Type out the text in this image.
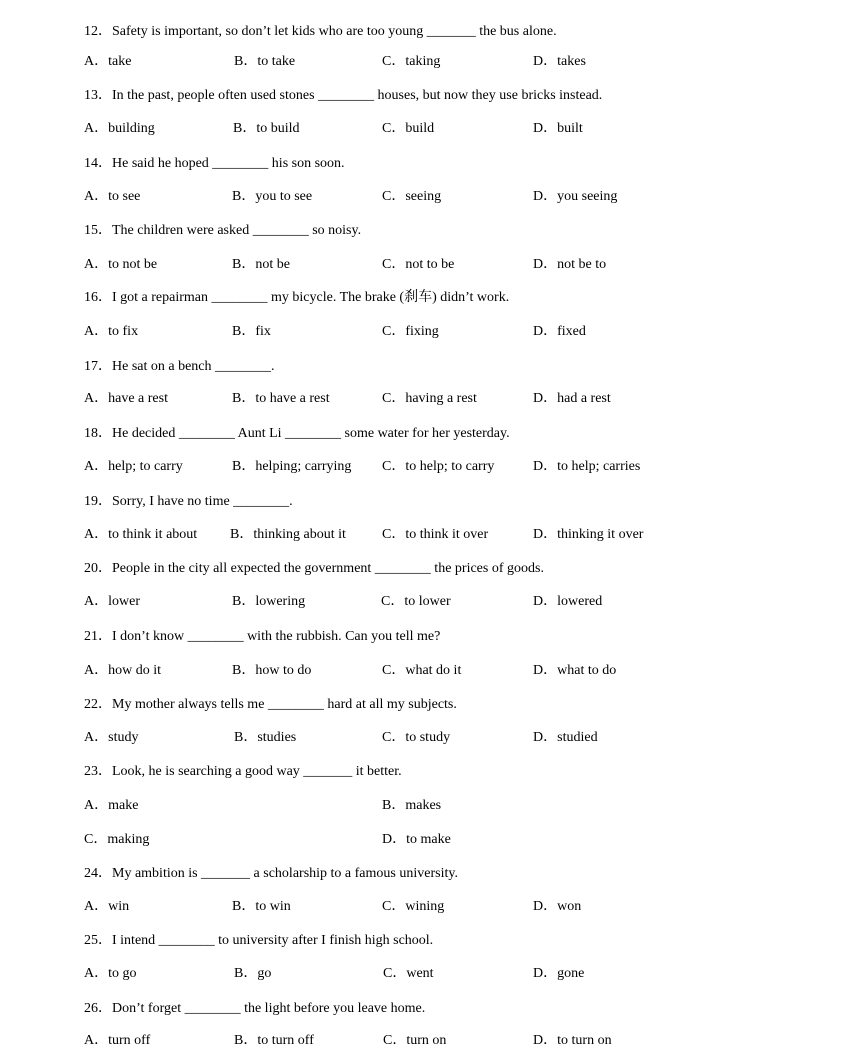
12．Safety is important, so don’t let kids who are too young _______ the bus alone.
A．take	B．to take	C．taking	D．takes
13．In the past, people often used stones ________ houses, but now they use bricks instead.
A．building	B．to build	C．build	D．built
14．He said he hoped ________ his son soon.
A．to see	B．you to see	C．seeing	D．you seeing
15．The children were asked ________ so noisy.
A．to not be	B．not be	C．not to be	D．not be to
16．I got a repairman ________ my bicycle. The brake (刹车) didn’t work.
A．to fix	B．fix	C．fixing	D．fixed
17．He sat on a bench ________.
A．have a rest	B．to have a rest	C．having a rest	D．had a rest
18．He decided ________ Aunt Li ________ some water for her yesterday.
A．help; to carry	B．helping; carrying C．to help; to carry	D．to help; carries
19．Sorry, I have no time ________.
A．to think it about B．thinking about it	C．to think it over	D．thinking it over
20．People in the city all expected the government ________ the prices of goods.
A．lower	B．lowering	C．to lower	D．lowered
21．I don’t know ________ with the rubbish. Can you tell me?
A．how do it	B．how to do	C．what do it	D．what to do
22．My mother always tells me ________ hard at all my subjects.
A．study	B．studies	C．to study	D．studied
23．Look, he is searching a good way _______ it better.
A．make	B．makes
C．making	D．to make
24．My ambition is _______ a scholarship to a famous university.
A．win	B．to win	C．wining	D．won
25．I intend ________ to university after I finish high school.
A．to go	B．go	C．went	D．gone
26．Don’t forget ________ the light before you leave home.
A．turn off	B．to turn off	C．turn on	D．to turn on
